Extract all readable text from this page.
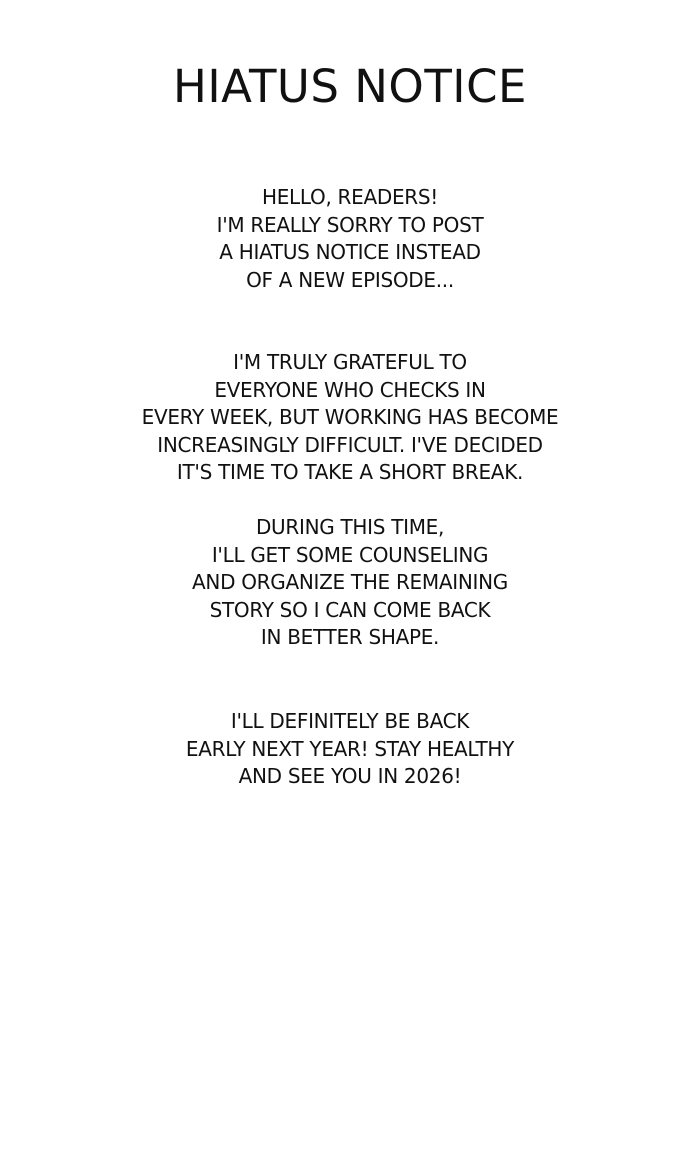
HIATUS NOTICE

HELLO, READERS!
I'M REALLY SORRY TO POST
A HIATUS NOTICE INSTEAD
OF A NEW EPISODE...

I'M TRULY GRATEFUL TO
EVERYONE WHO CHECKS IN
EVERY WEEK, BUT WORKING HAS BECOME
INCREASINGLY DIFFICULT. I'VE DECIDED
IT'S TIME TO TAKE A SHORT BREAK.

DURING THIS TIME,
I'LL GET SOME COUNSELING
AND ORGANIZE THE REMAINING
STORY SO I CAN COME BACK
IN BETTER SHAPE.

I'LL DEFINITELY BE BACK
EARLY NEXT YEAR! STAY HEALTHY
AND SEE YOU IN 2026!
